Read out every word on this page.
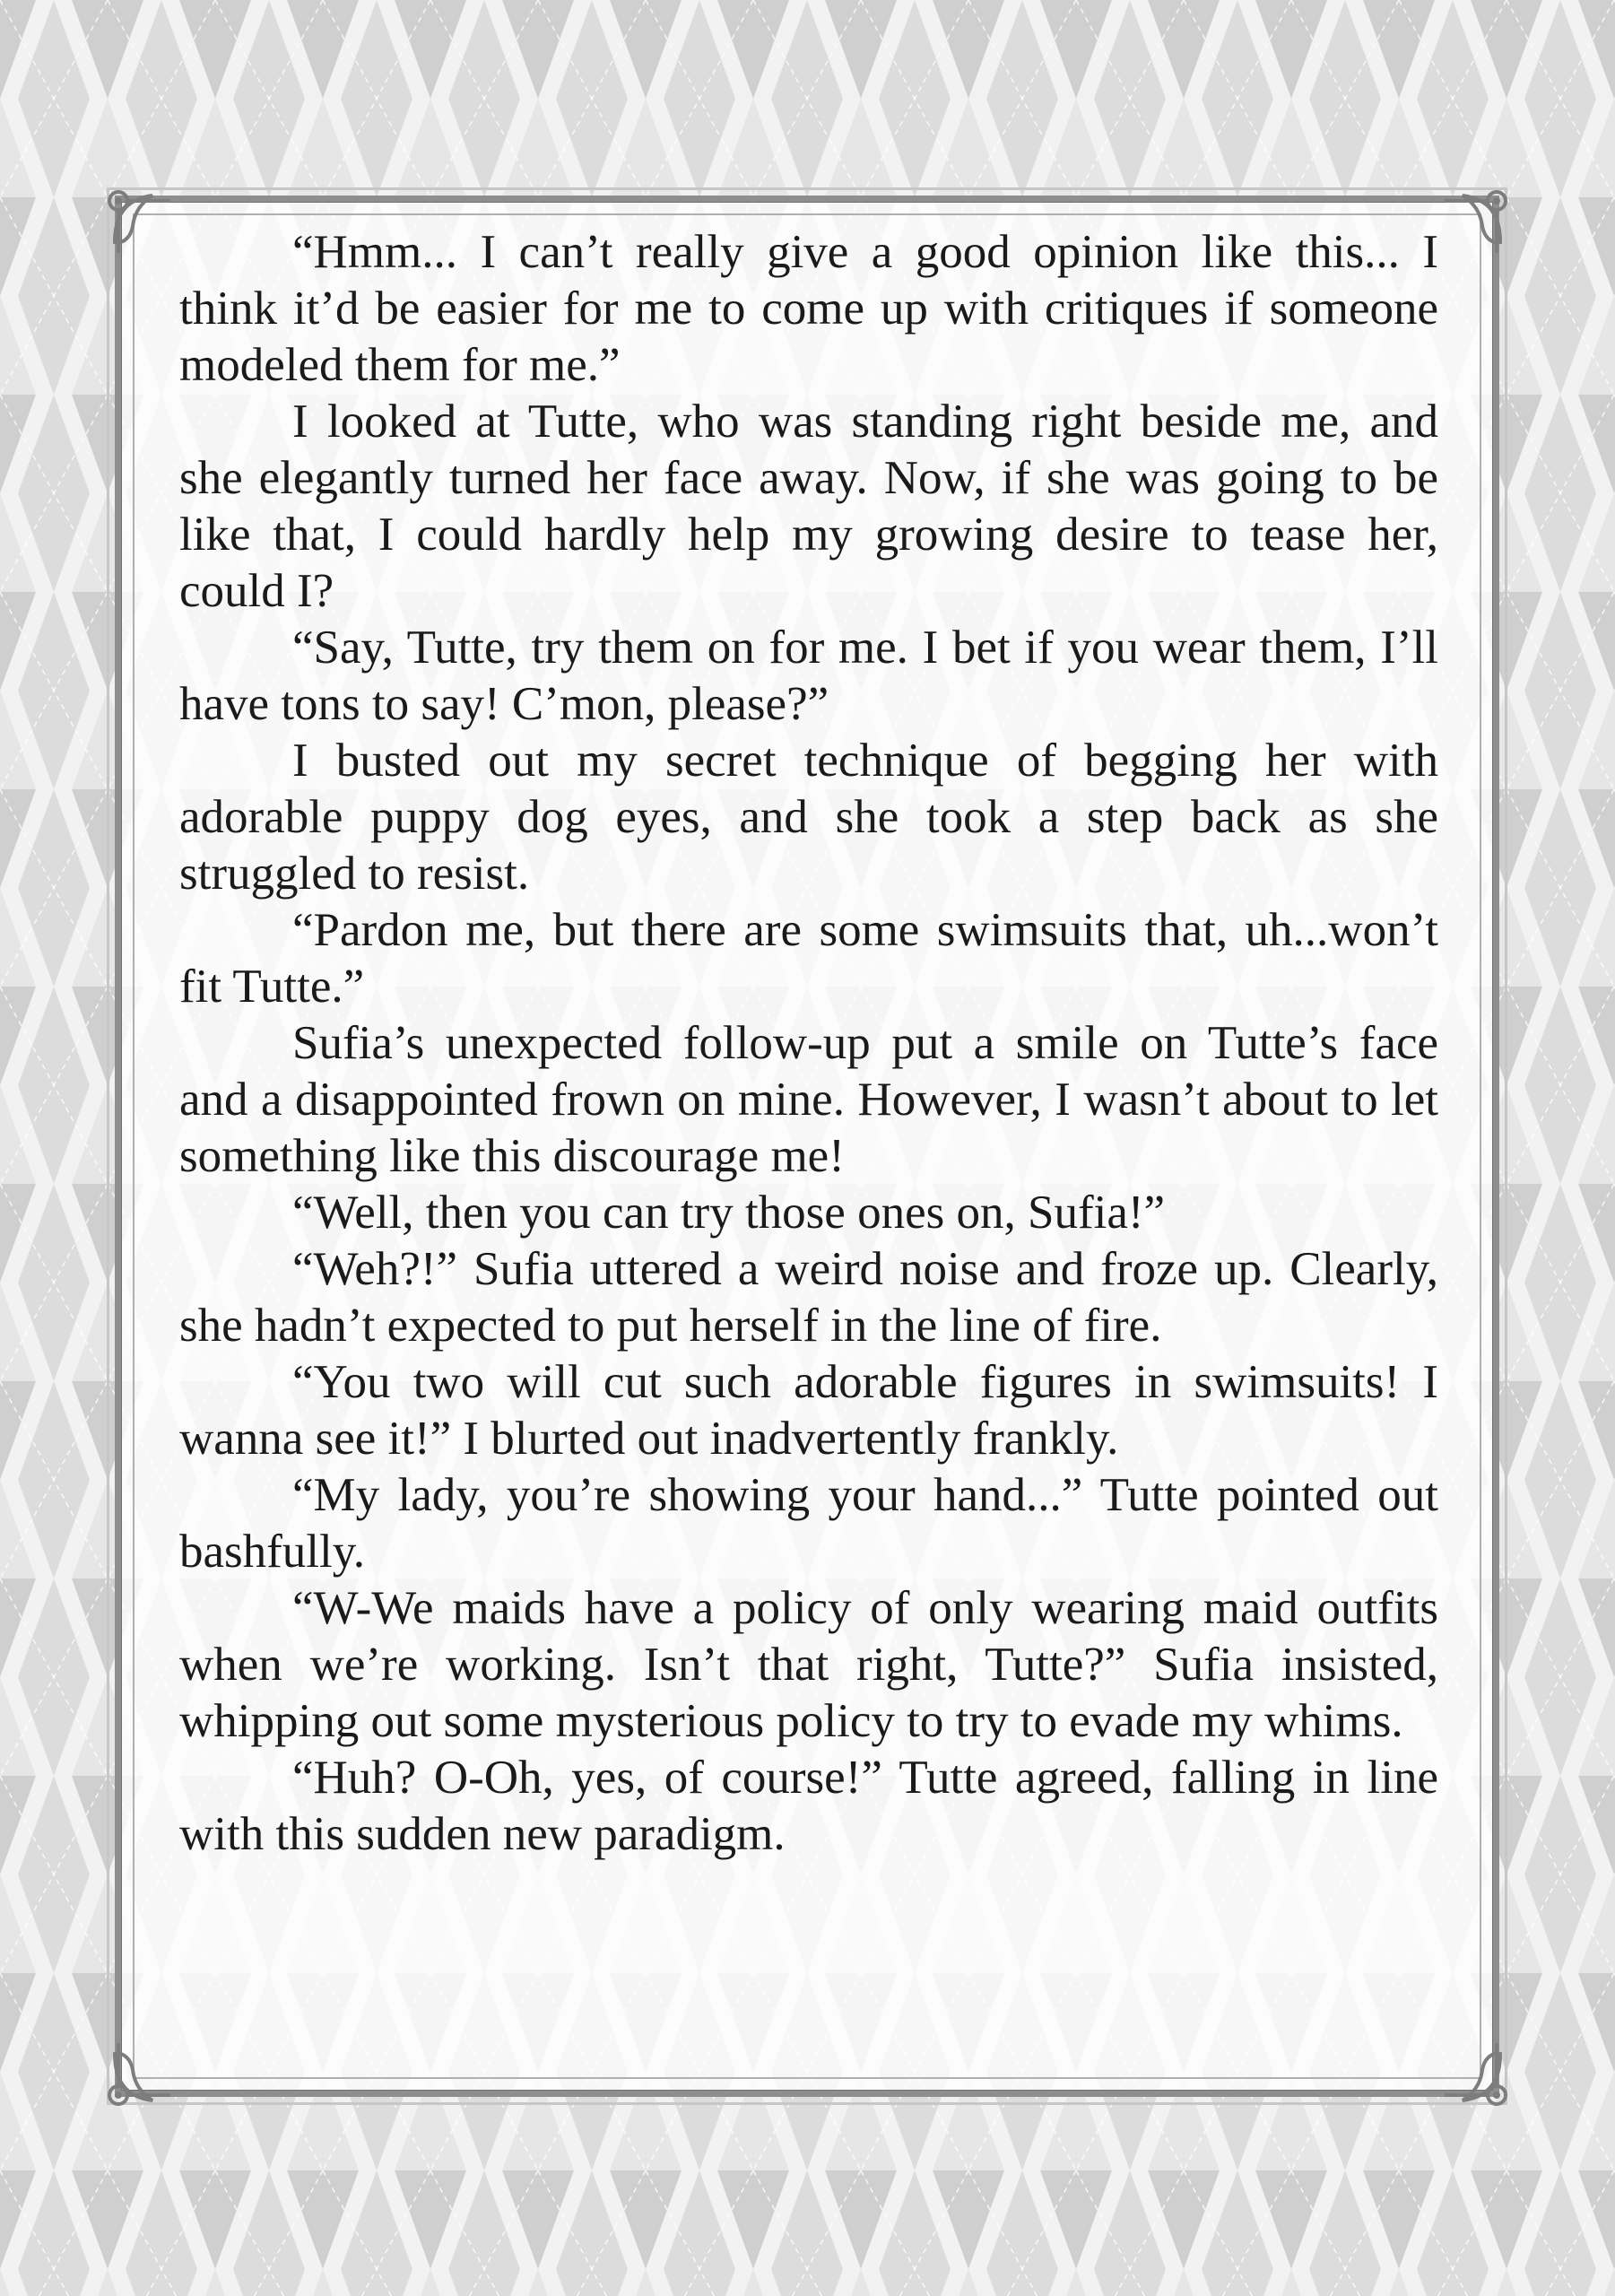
“Hmm... I can’t really give a good opinion like this... I think it’d be easier for me to come up with critiques if someone modeled them for me.”

I looked at Tutte, who was standing right beside me, and she elegantly turned her face away. Now, if she was going to be like that, I could hardly help my growing desire to tease her, could I?

“Say, Tutte, try them on for me. I bet if you wear them, I’ll have tons to say! C’mon, please?”

I busted out my secret technique of begging her with adorable puppy dog eyes, and she took a step back as she struggled to resist.

“Pardon me, but there are some swimsuits that, uh...won’t fit Tutte.”

Sufia’s unexpected follow-up put a smile on Tutte’s face and a disappointed frown on mine. However, I wasn’t about to let something like this discourage me!

“Well, then you can try those ones on, Sufia!”

“Weh?!” Sufia uttered a weird noise and froze up. Clearly, she hadn’t expected to put herself in the line of fire.

“You two will cut such adorable figures in swimsuits! I wanna see it!” I blurted out inadvertently frankly.

“My lady, you’re showing your hand...” Tutte pointed out bashfully.

“W-We maids have a policy of only wearing maid outfits when we’re working. Isn’t that right, Tutte?” Sufia insisted, whipping out some mysterious policy to try to evade my whims.

“Huh? O-Oh, yes, of course!” Tutte agreed, falling in line with this sudden new paradigm.
